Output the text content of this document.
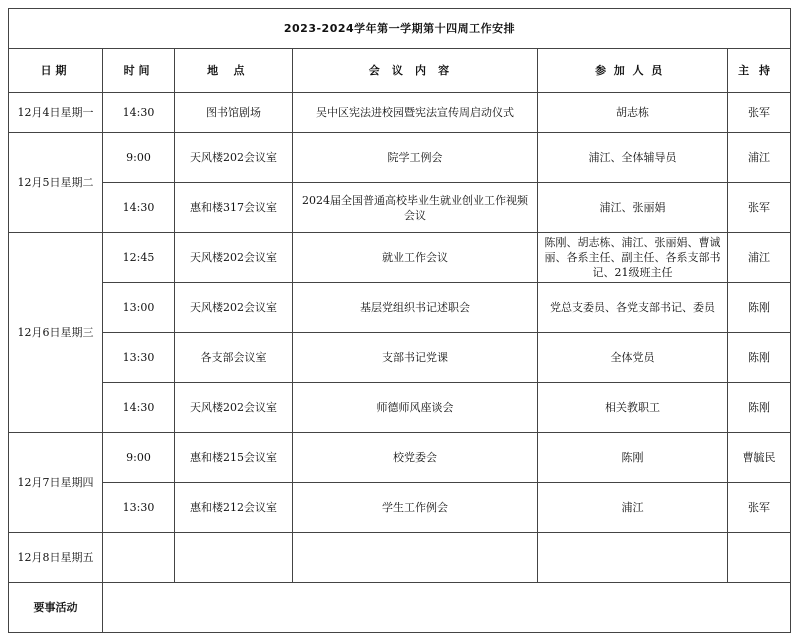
2023-2024学年第一学期第十四周工作安排					
日期	时间	地点	会议内容	参加人员	主持
12月4日星期一	14:30	图书馆剧场	吴中区宪法进校园暨宪法宣传周启动仪式	胡志栋	张军
12月5日星期二	9:00	天风楼202会议室	院学工例会	浦江、全体辅导员	浦江
	14:30	惠和楼317会议室	2024届全国普通高校毕业生就业创业工作视频会议	浦江、张丽娟	张军
12月6日星期三	12:45	天风楼202会议室	就业工作会议	陈刚、胡志栋、浦江、张丽娟、曹诚丽、各系主任、副主任、各系支部书记、21级班主任	浦江
	13:00	天风楼202会议室	基层党组织书记述职会	党总支委员、各党支部书记、委员	陈刚
	13:30	各支部会议室	支部书记党课	全体党员	陈刚
	14:30	天风楼202会议室	师德师风座谈会	相关教职工	陈刚
12月7日星期四	9:00	惠和楼215会议室	校党委会	陈刚	曹毓民
	13:30	惠和楼212会议室	学生工作例会	浦江	张军
12月8日星期五					
要事活动					
